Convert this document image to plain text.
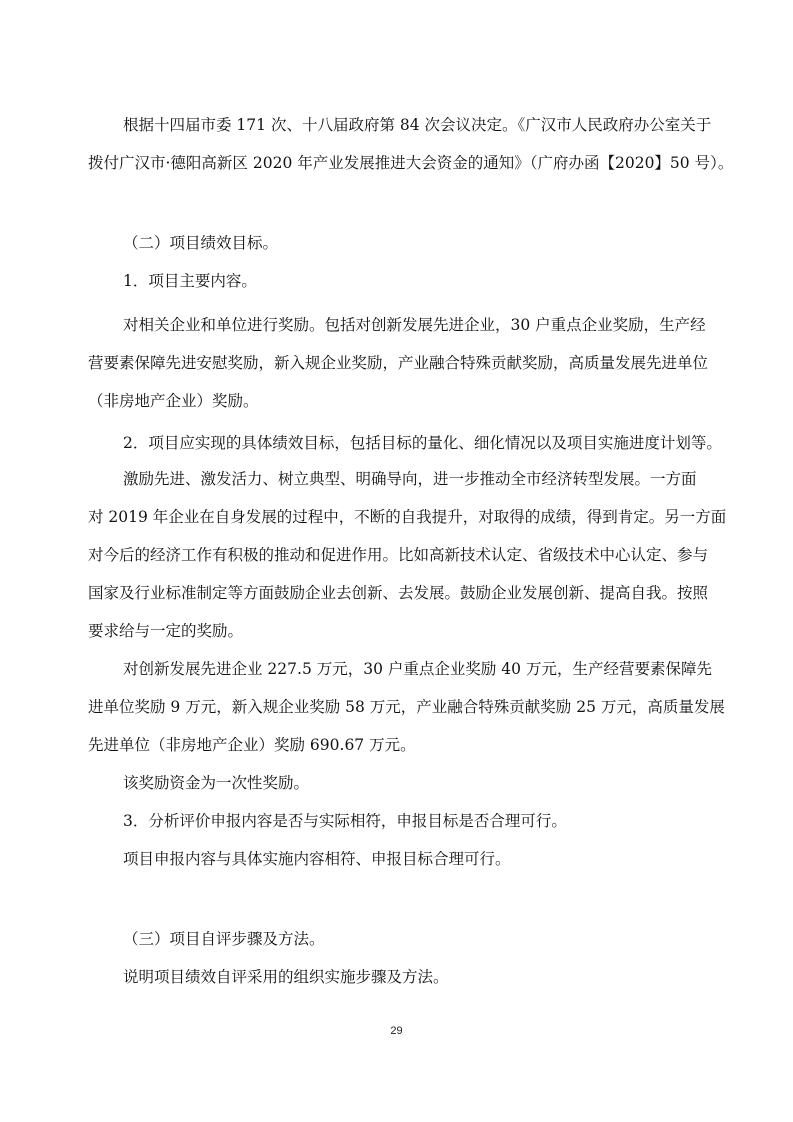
根据十四届市委 171 次、十八届政府第 84 次会议决定。《广汉市人民政府办公室关于

拨付广汉市·德阳高新区 2020 年产业发展推进大会资金的通知》（广府办函【2020】50 号）。

（二）项目绩效目标。

1．项目主要内容。

对相关企业和单位进行奖励。包括对创新发展先进企业，30 户重点企业奖励，生产经

营要素保障先进安慰奖励，新入规企业奖励，产业融合特殊贡献奖励，高质量发展先进单位

（非房地产企业）奖励。

2．项目应实现的具体绩效目标，包括目标的量化、细化情况以及项目实施进度计划等。

激励先进、激发活力、树立典型、明确导向，进一步推动全市经济转型发展。一方面

对 2019 年企业在自身发展的过程中，不断的自我提升，对取得的成绩，得到肯定。另一方面

对今后的经济工作有积极的推动和促进作用。比如高新技术认定、省级技术中心认定、参与

国家及行业标准制定等方面鼓励企业去创新、去发展。鼓励企业发展创新、提高自我。按照

要求给与一定的奖励。

对创新发展先进企业 227.5 万元，30 户重点企业奖励 40 万元，生产经营要素保障先

进单位奖励 9 万元，新入规企业奖励 58 万元，产业融合特殊贡献奖励 25 万元，高质量发展

先进单位（非房地产企业）奖励 690.67 万元。

该奖励资金为一次性奖励。

3．分析评价申报内容是否与实际相符，申报目标是否合理可行。

项目申报内容与具体实施内容相符、申报目标合理可行。

（三）项目自评步骤及方法。

说明项目绩效自评采用的组织实施步骤及方法。

29
